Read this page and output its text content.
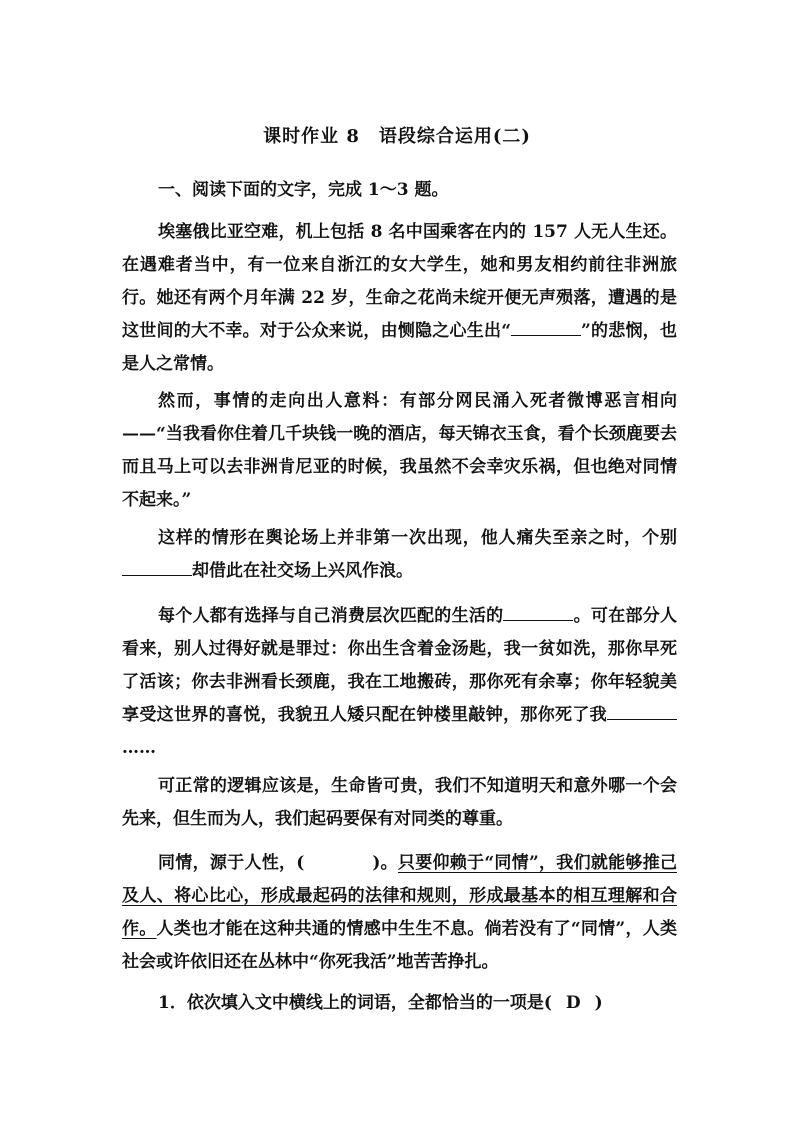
课时作业 8　语段综合运用(二)
一、阅读下面的文字，完成 1～3 题。
埃塞俄比亚空难，机上包括 8 名中国乘客在内的 157 人无人生还。在遇难者当中，有一位来自浙江的女大学生，她和男友相约前往非洲旅行。她还有两个月年满 22 岁，生命之花尚未绽开便无声殒落，遭遇的是这世间的大不幸。对于公众来说，由恻隐之心生出“	”的悲悯，也是人之常情。
然而，事情的走向出人意料：有部分网民涌入死者微博恶言相向——“当我看你住着几千块钱一晚的酒店，每天锦衣玉食，看个长颈鹿要去而且马上可以去非洲肯尼亚的时候，我虽然不会幸灾乐祸，但也绝对同情不起来。”
这样的情形在舆论场上并非第一次出现，他人痛失至亲之时，个别却借此在社交场上兴风作浪。
每个人都有选择与自己消费层次匹配的生活的	。可在部分人看来，别人过得好就是罪过：你出生含着金汤匙，我一贫如洗，那你早死了活该；你去非洲看长颈鹿，我在工地搬砖，那你死有余辜；你年轻貌美享受这世界的喜悦，我貌丑人矮只配在钟楼里敲钟，那你死了我……
可正常的逻辑应该是，生命皆可贵，我们不知道明天和意外哪一个会先来，但生而为人，我们起码要保有对同类的尊重。
同情，源于人性，(	)。只要仰赖于“同情”，我们就能够推己及人、将心比心，形成最起码的法律和规则，形成最基本的相互理解和合作。人类也才能在这种共通的情感中生生不息。倘若没有了“同情”，人类社会或许依旧还在丛林中“你死我活”地苦苦挣扎。
1．依次填入文中横线上的词语，全都恰当的一项是( D )
